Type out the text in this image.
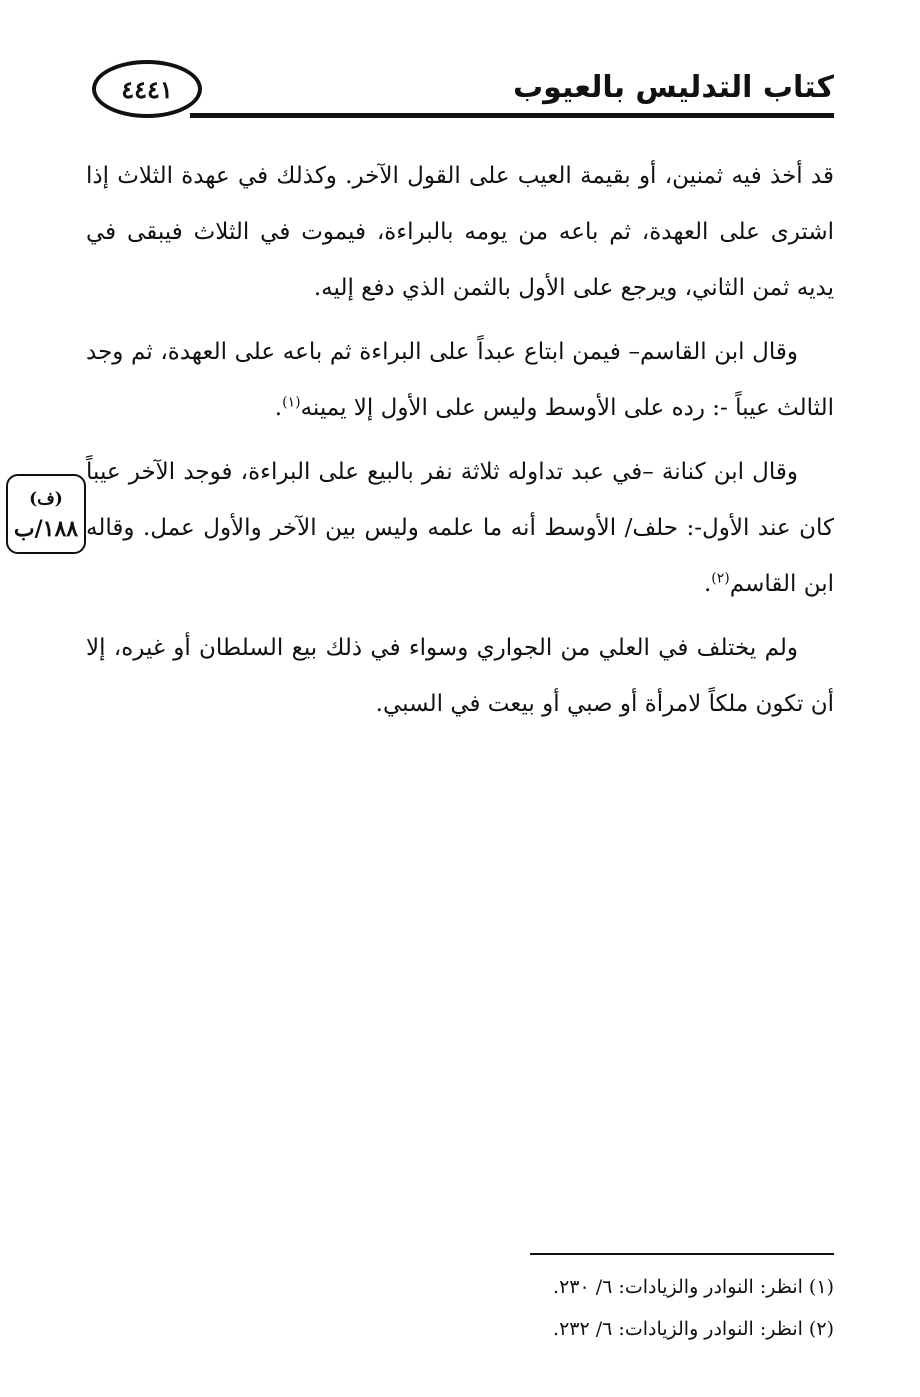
كتاب التدليس بالعيوب
٤٤٤١

قد أخذ فيه ثمنين، أو بقيمة العيب على القول الآخر. وكذلك في عهدة الثلاث إذا اشترى على العهدة، ثم باعه من يومه بالبراءة، فيموت في الثلاث فيبقى في يديه ثمن الثاني، ويرجع على الأول بالثمن الذي دفع إليه.

وقال ابن القاسم– فيمن ابتاع عبداً على البراءة ثم باعه على العهدة، ثم وجد الثالث عيباً -: رده على الأوسط وليس على الأول إلا يمينه$^{(١)}$.

وقال ابن كنانة –في عبد تداوله ثلاثة نفر بالبيع على البراءة، فوجد الآخر عيباً كان عند الأول-: حلف/ الأوسط أنه ما علمه وليس بين الآخر والأول عمل. وقاله ابن القاسم$^{(٢)}$.

ولم يختلف في العلي من الجواري وسواء في ذلك بيع السلطان أو غيره، إلا أن تكون ملكاً لامرأة أو صبي أو بيعت في السبي.

(ف)
١٨٨/ب
(١) انظر: النوادر والزيادات: ٦/ ٢٣٠.
(٢) انظر: النوادر والزيادات: ٦/ ٢٣٢.
